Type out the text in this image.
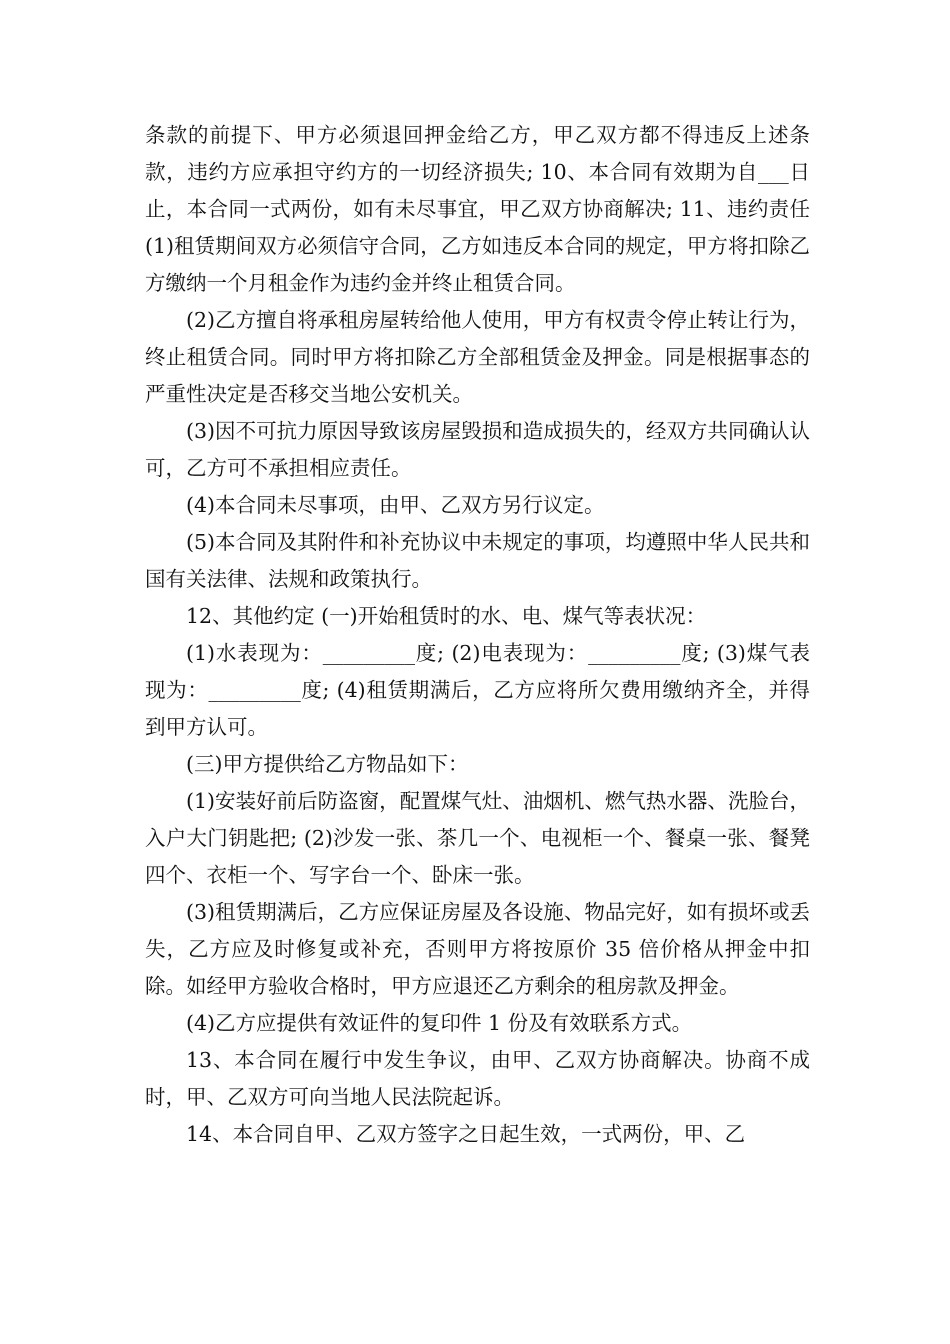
条款的前提下、甲方必须退回押金给乙方，甲乙双方都不得违反上述条款，违约方应承担守约方的一切经济损失; 10、本合同有效期为自___日止，本合同一式两份，如有未尽事宜，甲乙双方协商解决; 11、违约责任 (1)租赁期间双方必须信守合同，乙方如违反本合同的规定，甲方将扣除乙方缴纳一个月租金作为违约金并终止租赁合同。

(2)乙方擅自将承租房屋转给他人使用，甲方有权责令停止转让行为，终止租赁合同。同时甲方将扣除乙方全部租赁金及押金。同是根据事态的严重性决定是否移交当地公安机关。

(3)因不可抗力原因导致该房屋毁损和造成损失的，经双方共同确认认可，乙方可不承担相应责任。

(4)本合同未尽事项，由甲、乙双方另行议定。

(5)本合同及其附件和补充协议中未规定的事项，均遵照中华人民共和国有关法律、法规和政策执行。

12、其他约定 (一)开始租赁时的水、电、煤气等表状况：

(1)水表现为：_________度; (2)电表现为：_________度; (3)煤气表现为：_________度; (4)租赁期满后，乙方应将所欠费用缴纳齐全，并得到甲方认可。

(三)甲方提供给乙方物品如下：

(1)安装好前后防盗窗，配置煤气灶、油烟机、燃气热水器、洗脸台，入户大门钥匙把; (2)沙发一张、茶几一个、电视柜一个、餐桌一张、餐凳四个、衣柜一个、写字台一个、卧床一张。

(3)租赁期满后，乙方应保证房屋及各设施、物品完好，如有损坏或丢失，乙方应及时修复或补充，否则甲方将按原价 35 倍价格从押金中扣除。如经甲方验收合格时，甲方应退还乙方剩余的租房款及押金。

(4)乙方应提供有效证件的复印件 1 份及有效联系方式。

13、本合同在履行中发生争议，由甲、乙双方协商解决。协商不成时，甲、乙双方可向当地人民法院起诉。

14、本合同自甲、乙双方签字之日起生效，一式两份，甲、乙
